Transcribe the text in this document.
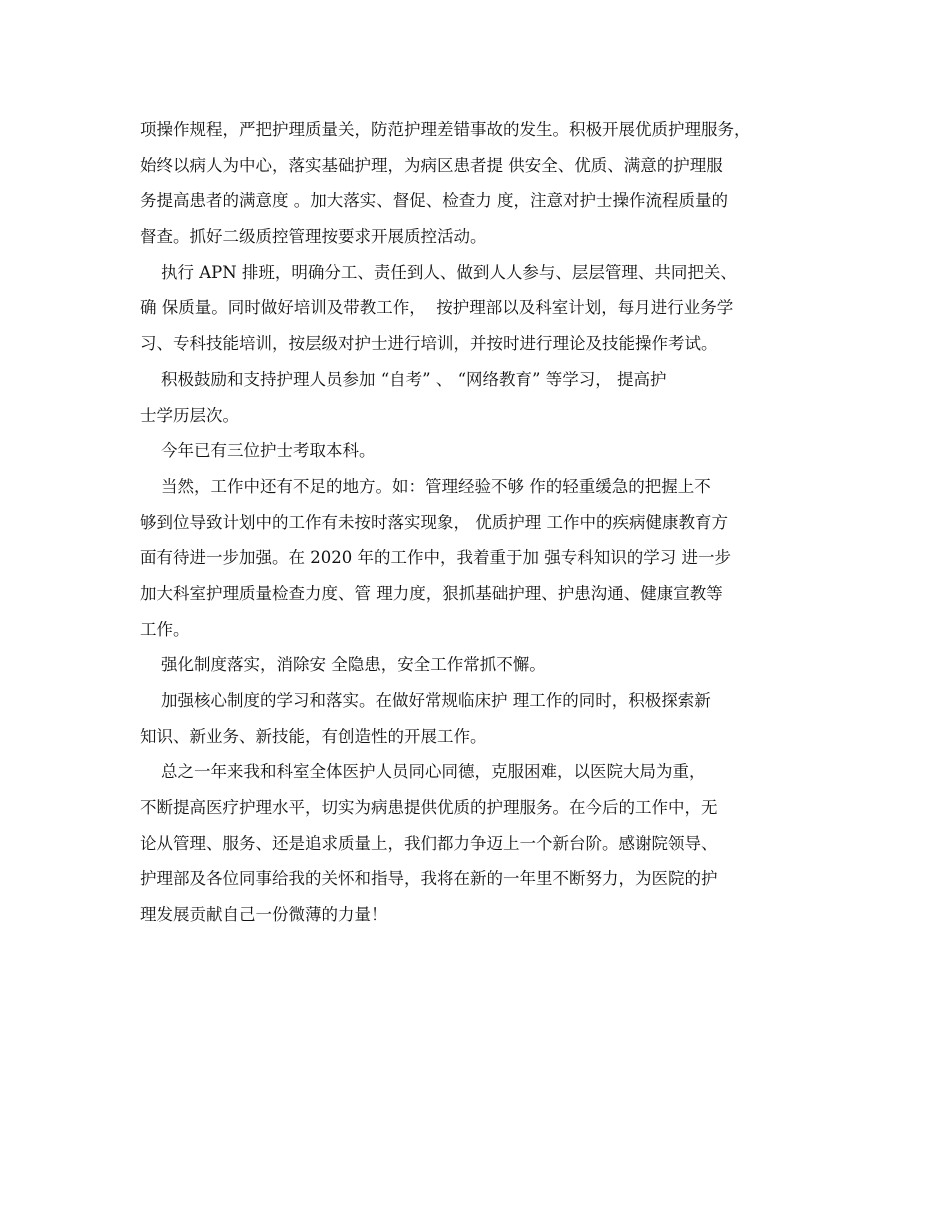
项操作规程，严把护理质量关，防范护理差错事故的发生。积极开展优质护理服务，
始终以病人为中心，落实基础护理，为病区患者提 供安全、优质、满意的护理服
务提高患者的满意度 。加大落实、督促、检查力 度，注意对护士操作流程质量的
督查。抓好二级质控管理按要求开展质控活动。
执行 APN 排班，明确分工、责任到人、做到人人参与、层层管理、共同把关、
确 保质量。同时做好培训及带教工作，  按护理部以及科室计划，每月进行业务学
习、专科技能培训，按层级对护士进行培训，并按时进行理论及技能操作考试。
积极鼓励和支持护理人员参加 “自考” 、 “网络教育” 等学习， 提高护
士学历层次。
今年已有三位护士考取本科。
当然，工作中还有不足的地方。如：管理经验不够 作的轻重缓急的把握上不
够到位导致计划中的工作有未按时落实现象， 优质护理 工作中的疾病健康教育方
面有待进一步加强。在 2020 年的工作中，我着重于加 强专科知识的学习 进一步
加大科室护理质量检查力度、管 理力度，狠抓基础护理、护患沟通、健康宣教等
工作。
强化制度落实，消除安 全隐患，安全工作常抓不懈。
加强核心制度的学习和落实。在做好常规临床护 理工作的同时，积极探索新
知识、新业务、新技能，有创造性的开展工作。
总之一年来我和科室全体医护人员同心同德，克服困难，以医院大局为重，
不断提高医疗护理水平，切实为病患提供优质的护理服务。在今后的工作中，无
论从管理、服务、还是追求质量上，我们都力争迈上一个新台阶。感谢院领导、
护理部及各位同事给我的关怀和指导，我将在新的一年里不断努力，为医院的护
理发展贡献自己一份微薄的力量！
